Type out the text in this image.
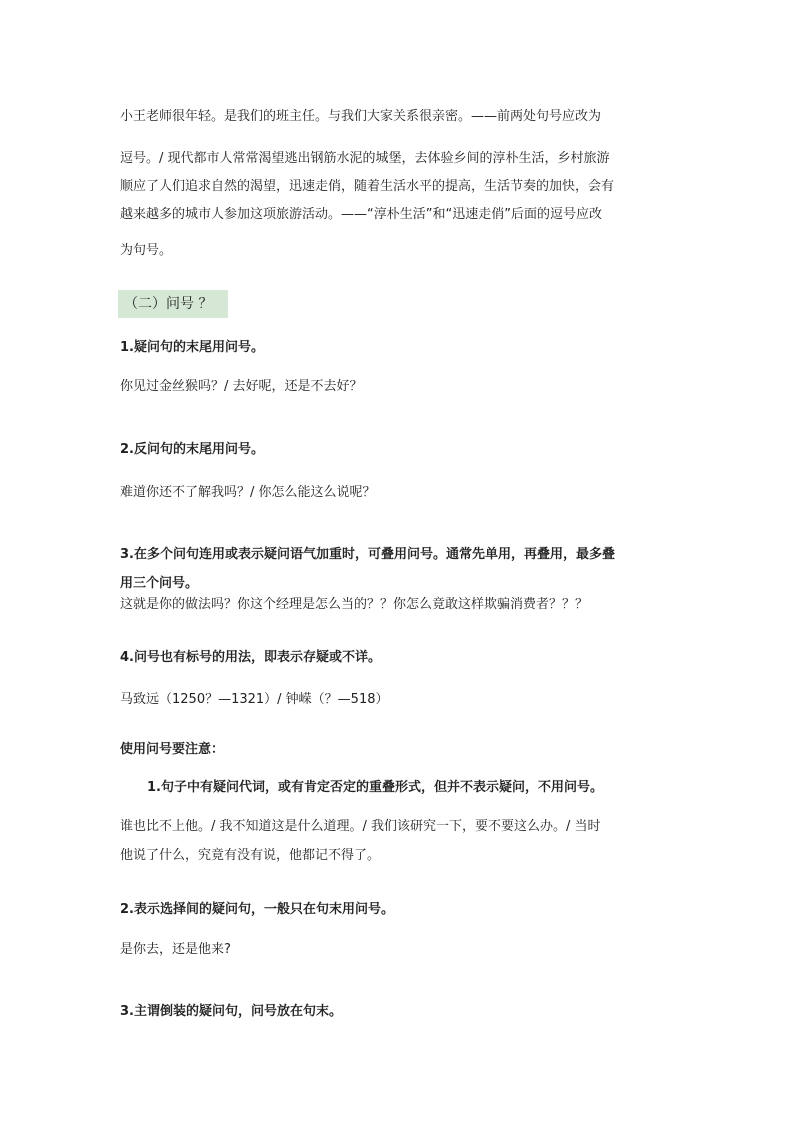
小王老师很年轻。是我们的班主任。与我们大家关系很亲密。——前两处句号应改为
逗号。/ 现代都市人常常渴望逃出钢筋水泥的城堡，去体验乡间的淳朴生活，乡村旅游
顺应了人们追求自然的渴望，迅速走俏，随着生活水平的提高，生活节奏的加快，会有
越来越多的城市人参加这项旅游活动。——“淳朴生活”和“迅速走俏”后面的逗号应改
为句号。
（二）问号 ？
1.疑问句的末尾用问号。
你见过金丝猴吗？/ 去好呢，还是不去好？
2.反问句的末尾用问号。
难道你还不了解我吗？/ 你怎么能这么说呢？
3.在多个问句连用或表示疑问语气加重时，可叠用问号。通常先单用，再叠用，最多叠
用三个问号。
这就是你的做法吗？你这个经理是怎么当的？？你怎么竟敢这样欺骗消费者？？？
4.问号也有标号的用法，即表示存疑或不详。
马致远（1250？—1321）/ 钟嵘（？—518）
使用问号要注意：
1.句子中有疑问代词，或有肯定否定的重叠形式，但并不表示疑问，不用问号。
谁也比不上他。/ 我不知道这是什么道理。/ 我们该研究一下，要不要这么办。/ 当时
他说了什么，究竟有没有说，他都记不得了。
2.表示选择间的疑问句，一般只在句末用问号。
是你去，还是他来?
3.主谓倒装的疑问句，问号放在句末。
